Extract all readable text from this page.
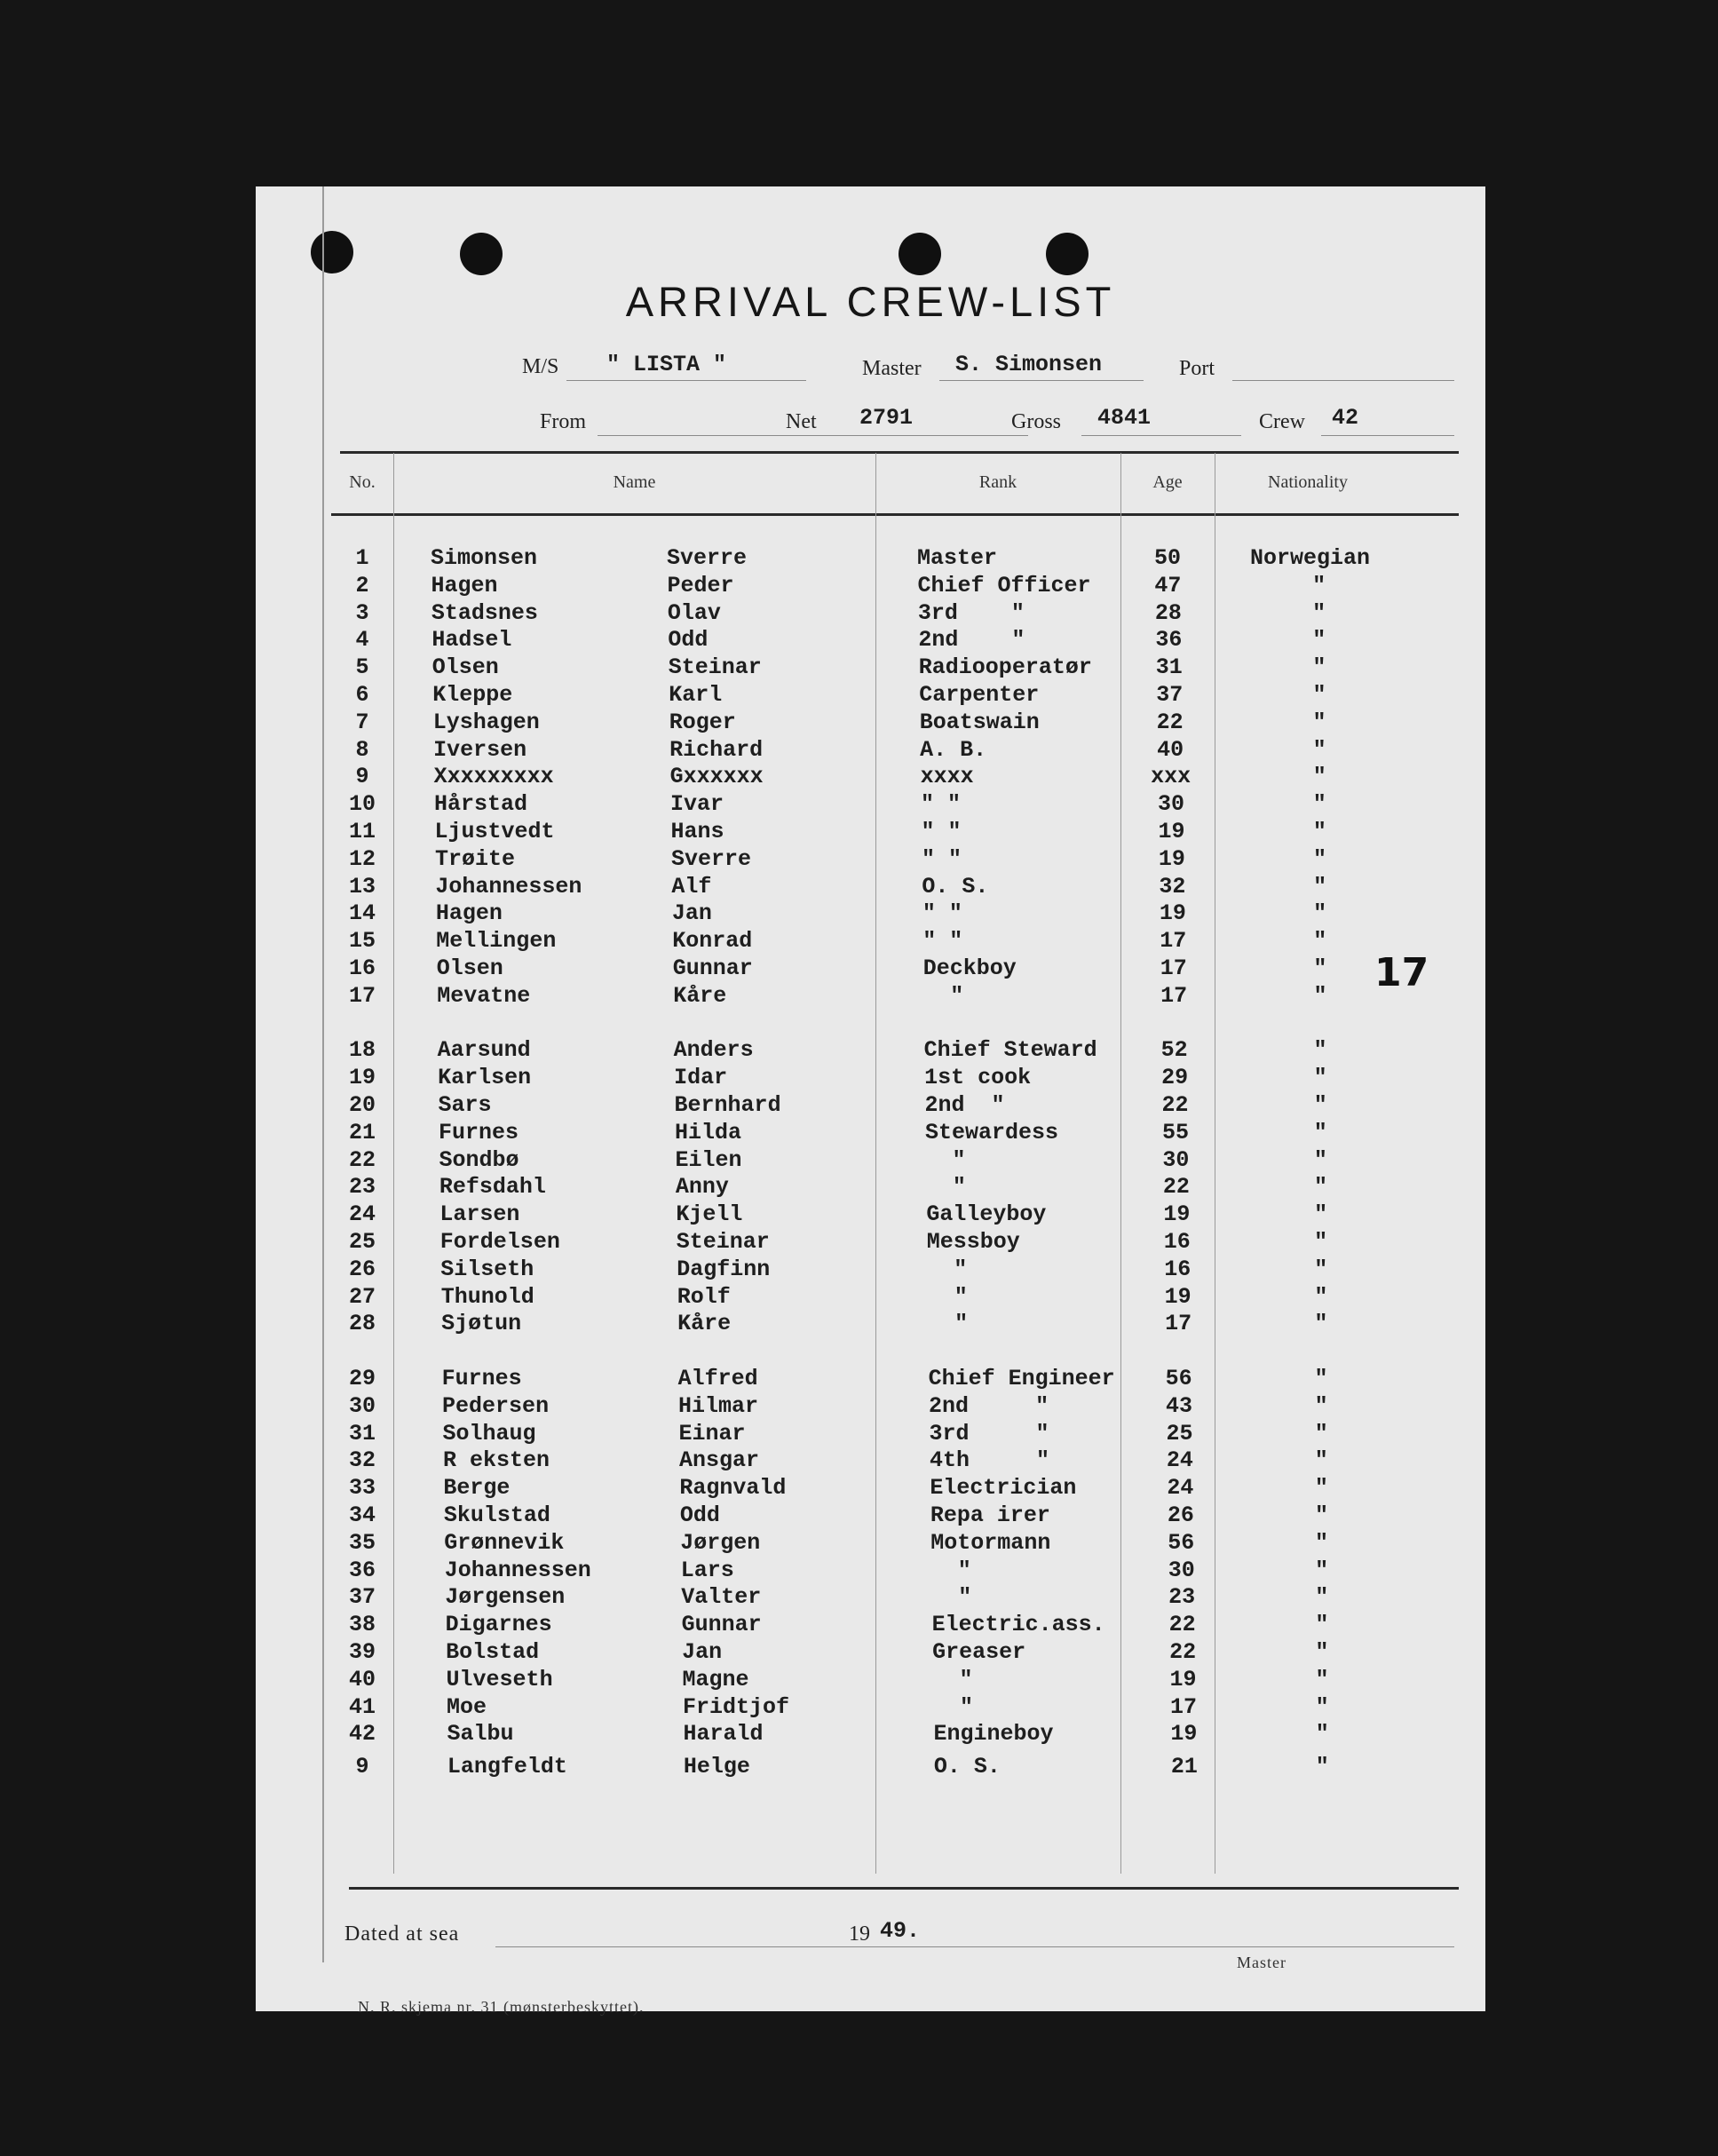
ARRIVAL CREW-LIST
M/S " LISTA "	Master S. Simonsen	Port
From	Net 2791	Gross 4841	Crew 42
No.	Name	Rank	Age	Nationality
1	Simonsen	Sverre	Master	50	Norwegian
2	Hagen	Peder	Chief Officer	47	"
3	Stadsnes	Olav	3rd    "	28	"
4	Hadsel	Odd	2nd    "	36	"
5	Olsen	Steinar	Radiooperatør	31	"
6	Kleppe	Karl	Carpenter	37	"
7	Lyshagen	Roger	Boatswain	22	"
8	Iversen	Richard	A. B.	40	"
9	Xxxxxxxxx	Gxxxxxx	xxxx	xxx	"
10	Hårstad	Ivar	" "	30	"
11	Ljustvedt	Hans	" "	19	"
12	Trøite	Sverre	" "	19	"
13	Johannessen	Alf	O. S.	32	"
14	Hagen	Jan	" "	19	"
15	Mellingen	Konrad	" "	17	"
16	Olsen	Gunnar	Deckboy	17	"
17	Mevatne	Kåre	"	17	"
18	Aarsund	Anders	Chief Steward	52	"
19	Karlsen	Idar	1st cook	29	"
20	Sars	Bernhard	2nd  "	22	"
21	Furnes	Hilda	Stewardess	55	"
22	Sondbø	Eilen	"	30	"
23	Refsdahl	Anny	"	22	"
24	Larsen	Kjell	Galleyboy	19	"
25	Fordelsen	Steinar	Messboy	16	"
26	Silseth	Dagfinn	"	16	"
27	Thunold	Rolf	"	19	"
28	Sjøtun	Kåre	"	17	"
29	Furnes	Alfred	Chief Engineer	56	"
30	Pedersen	Hilmar	2nd     "	43	"
31	Solhaug	Einar	3rd     "	25	"
32	R eksten	Ansgar	4th     "	24	"
33	Berge	Ragnvald	Electrician	24	"
34	Skulstad	Odd	Repa irer	26	"
35	Grønnevik	Jørgen	Motormann	56	"
36	Johannessen	Lars	"	30	"
37	Jørgensen	Valter	"	23	"
38	Digarnes	Gunnar	Electric.ass.	22	"
39	Bolstad	Jan	Greaser	22	"
40	Ulveseth	Magne	"	19	"
41	Moe	Fridtjof	"	17	"
42	Salbu	Harald	Engineboy	19	"
9	Langfeldt	Helge	O. S.	21	"
17
Dated at sea	19 49.
Master
N. R. skjema nr. 31 (mønsterbeskyttet).
